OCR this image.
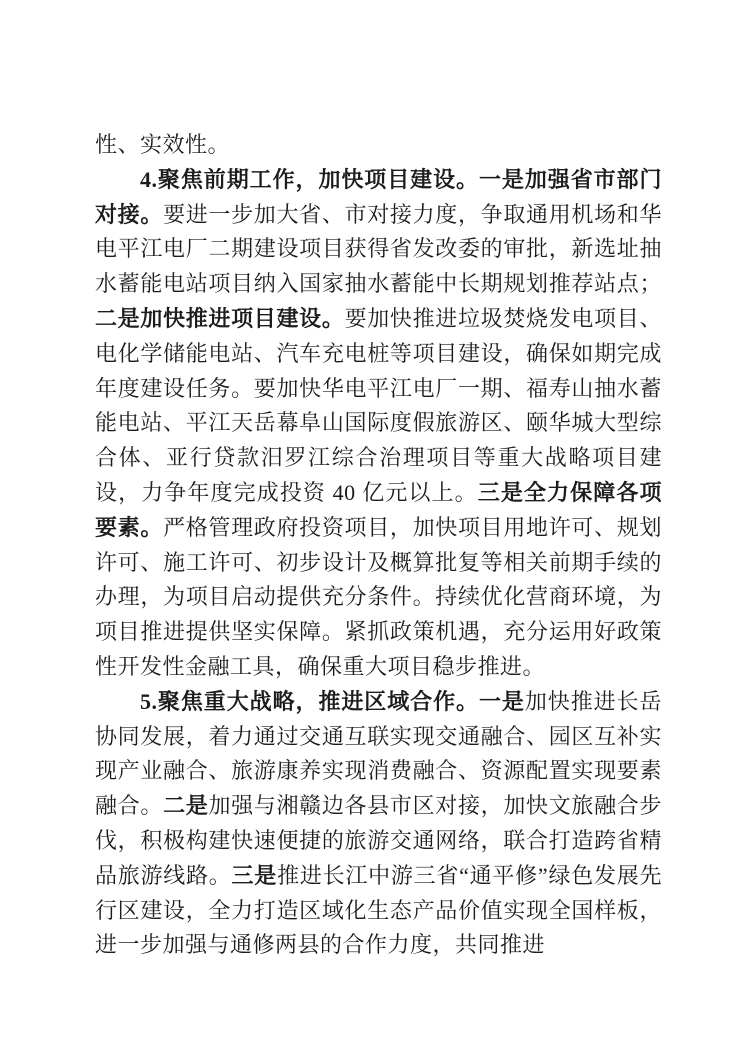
性、实效性。

4.聚焦前期工作，加快项目建设。一是加强省市部门对接。要进一步加大省、市对接力度，争取通用机场和华电平江电厂二期建设项目获得省发改委的审批，新选址抽水蓄能电站项目纳入国家抽水蓄能中长期规划推荐站点；二是加快推进项目建设。要加快推进垃圾焚烧发电项目、电化学储能电站、汽车充电桩等项目建设，确保如期完成年度建设任务。要加快华电平江电厂一期、福寿山抽水蓄能电站、平江天岳幕阜山国际度假旅游区、颐华城大型综合体、亚行贷款汨罗江综合治理项目等重大战略项目建设，力争年度完成投资 40 亿元以上。三是全力保障各项要素。严格管理政府投资项目，加快项目用地许可、规划许可、施工许可、初步设计及概算批复等相关前期手续的办理，为项目启动提供充分条件。持续优化营商环境，为项目推进提供坚实保障。紧抓政策机遇，充分运用好政策性开发性金融工具，确保重大项目稳步推进。

5.聚焦重大战略，推进区域合作。一是加快推进长岳协同发展，着力通过交通互联实现交通融合、园区互补实现产业融合、旅游康养实现消费融合、资源配置实现要素融合。二是加强与湘赣边各县市区对接，加快文旅融合步伐，积极构建快速便捷的旅游交通网络，联合打造跨省精品旅游线路。三是推进长江中游三省“通平修”绿色发展先行区建设，全力打造区域化生态产品价值实现全国样板，进一步加强与通修两县的合作力度，共同推进
